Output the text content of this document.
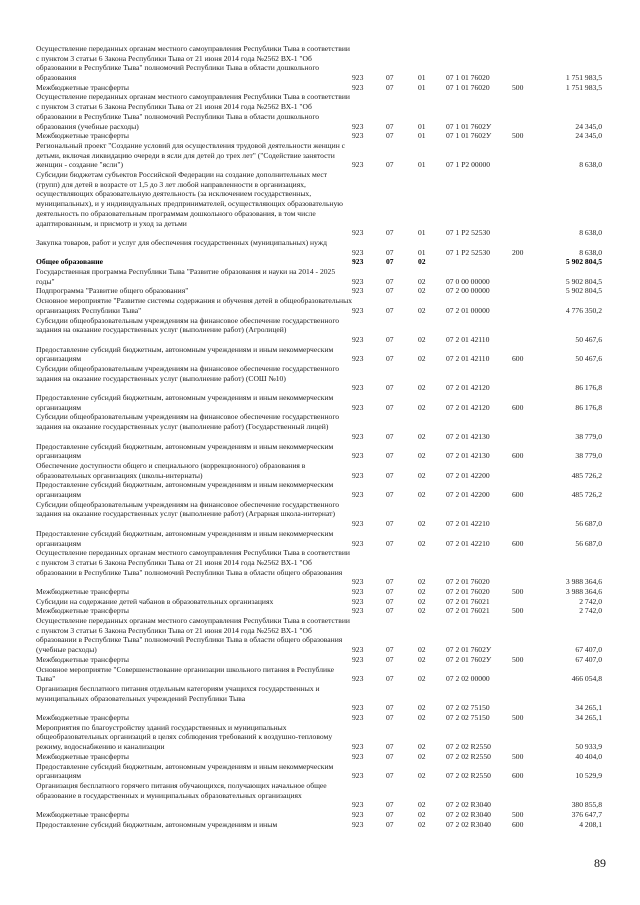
Осуществление переданных органам местного самоуправления Республики Тыва в соответствии с пунктом 3 статьи 6 Закона Республики Тыва от 21 июня 2014 года №2562 ВХ-1 "Об образовании в Республике Тыва" полномочий Республики Тыва в области дошкольного образования	923	07	01	07 1 01 76020	1 751 983,5
Межбюджетные трансферты	923	07	01	07 1 01 76020	500	1 751 983,5
Осуществление переданных органам местного самоуправления Республики Тыва в соответствии с пунктом 3 статьи 6 Закона Республики Тыва от 21 июня 2014 года №2562 ВХ-1 "Об образовании в Республике Тыва" полномочий Республики Тыва в области дошкольного образования (учебные расходы)	923	07	01	07 1 01 7602У	24 345,0
Межбюджетные трансферты	923	07	01	07 1 01 7602У	500	24 345,0
Региональный проект "Создание условий для осуществления трудовой деятельности женщин с детьми, включая ликвидацию очереди в ясли для детей до трех лет" ("Содействие занятости женщин - создание "ясли")	923	07	01	07 1 P2 00000	8 638,0
Субсидии бюджетам субъектов Российской Федерации на создание дополнительных мест (групп) для детей в возрасте от 1,5 до 3 лет любой направленности в организациях, осуществляющих образовательную деятельность (за исключением государственных, муниципальных), и у индивидуальных предпринимателей, осуществляющих образовательную деятельность по образовательным программам дошкольного образования, в том числе адаптированным, и присмотр и уход за детьми
923	07	01	07 1 P2 52530	8 638,0
Закупка товаров, работ и услуг для обеспечения государственных (муниципальных) нужд
923	07	01	07 1 P2 52530	200	8 638,0
Общее образование	923	07	02	5 902 804,5
Государственная программа Республики Тыва "Развитие образования и науки на 2014 - 2025 годы"	923	07	02	07 0 00 00000	5 902 804,5
Подпрограмма "Развитие общего образования"	923	07	02	07 2 00 00000	5 902 804,5
Основное мероприятие "Развитие системы содержания и обучения детей в общеобразовательных организациях Республики Тыва"	923	07	02	07 2 01 00000	4 776 350,2
Субсидии общеобразовательным учреждениям на финансовое обеспечение государственного задания на оказание государственных услуг (выполнение работ) (Агролицей)
923	07	02	07 2 01 42110	50 467,6
Предоставление субсидий бюджетным, автономным учреждениям и иным некоммерческим организациям	923	07	02	07 2 01 42110	600	50 467,6
Субсидии общеобразовательным учреждениям на финансовое обеспечение государственного задания на оказание государственных услуг (выполнение работ) (СОШ №10)
923	07	02	07 2 01 42120	86 176,8
Предоставление субсидий бюджетным, автономным учреждениям и иным некоммерческим организациям	923	07	02	07 2 01 42120	600	86 176,8
Субсидии общеобразовательным учреждениям на финансовое обеспечение государственного задания на оказание государственных услуг (выполнение работ) (Государственный лицей)
923	07	02	07 2 01 42130	38 779,0
Предоставление субсидий бюджетным, автономным учреждениям и иным некоммерческим организациям	923	07	02	07 2 01 42130	600	38 779,0
Обеспечение доступности общего и специального (коррекционного) образования в образовательных организациях (школы-интернаты)	923	07	02	07 2 01 42200	485 726,2
Предоставление субсидий бюджетным, автономным учреждениям и иным некоммерческим организациям	923	07	02	07 2 01 42200	600	485 726,2
Субсидии общеобразовательным учреждениям на финансовое обеспечение государственного задания на оказание государственных услуг (выполнение работ) (Аграрная школа-интернат)
923	07	02	07 2 01 42210	56 687,0
Предоставление субсидий бюджетным, автономным учреждениям и иным некоммерческим организациям	923	07	02	07 2 01 42210	600	56 687,0
Осуществление переданных органам местного самоуправления Республики Тыва в соответствии с пунктом 3 статьи 6 Закона Республики Тыва от 21 июня 2014 года №2562 ВХ-1 "Об образовании в Республике Тыва" полномочий Республики Тыва в области общего образования
923	07	02	07 2 01 76020	3 988 364,6
Межбюджетные трансферты	923	07	02	07 2 01 76020	500	3 988 364,6
Субсидии на содержание детей чабанов в образовательных организациях	923	07	02	07 2 01 76021	2 742,0
Межбюджетные трансферты	923	07	02	07 2 01 76021	500	2 742,0
Осуществление переданных органам местного самоуправления Республики Тыва в соответствии с пунктом 3 статьи 6 Закона Республики Тыва от 21 июня 2014 года №2562 ВХ-1 "Об образовании в Республике Тыва" полномочий Республики Тыва в области общего образования (учебные расходы)	923	07	02	07 2 01 7602У	67 407,0
Межбюджетные трансферты	923	07	02	07 2 01 7602У	500	67 407,0
Основное мероприятие "Совершенствование организации школьного питания в Республике Тыва"	923	07	02	07 2 02 00000	466 054,8
Организация бесплатного питания отдельным категориям учащихся государственных и муниципальных образовательных учреждений Республики Тыва
923	07	02	07 2 02 75150	34 265,1
Межбюджетные трансферты	923	07	02	07 2 02 75150	500	34 265,1
Мероприятия по благоустройству зданий государственных и муниципальных общеобразовательных организаций в целях соблюдения требований к воздушно-тепловому режиму, водоснабжению и канализации	923	07	02	07 2 02 R2550	50 933,9
Межбюджетные трансферты	923	07	02	07 2 02 R2550	500	40 404,0
Предоставление субсидий бюджетным, автономным учреждениям и иным некоммерческим организациям	923	07	02	07 2 02 R2550	600	10 529,9
Организация бесплатного горячего питания обучающихся, получающих начальное общее образование в государственных и муниципальных образовательных организациях
923	07	02	07 2 02 R3040	380 855,8
Межбюджетные трансферты	923	07	02	07 2 02 R3040	500	376 647,7
Предоставление субсидий бюджетным, автономным учреждениям и иным	923	07	02	07 2 02 R3040	600	4 208,1
89
